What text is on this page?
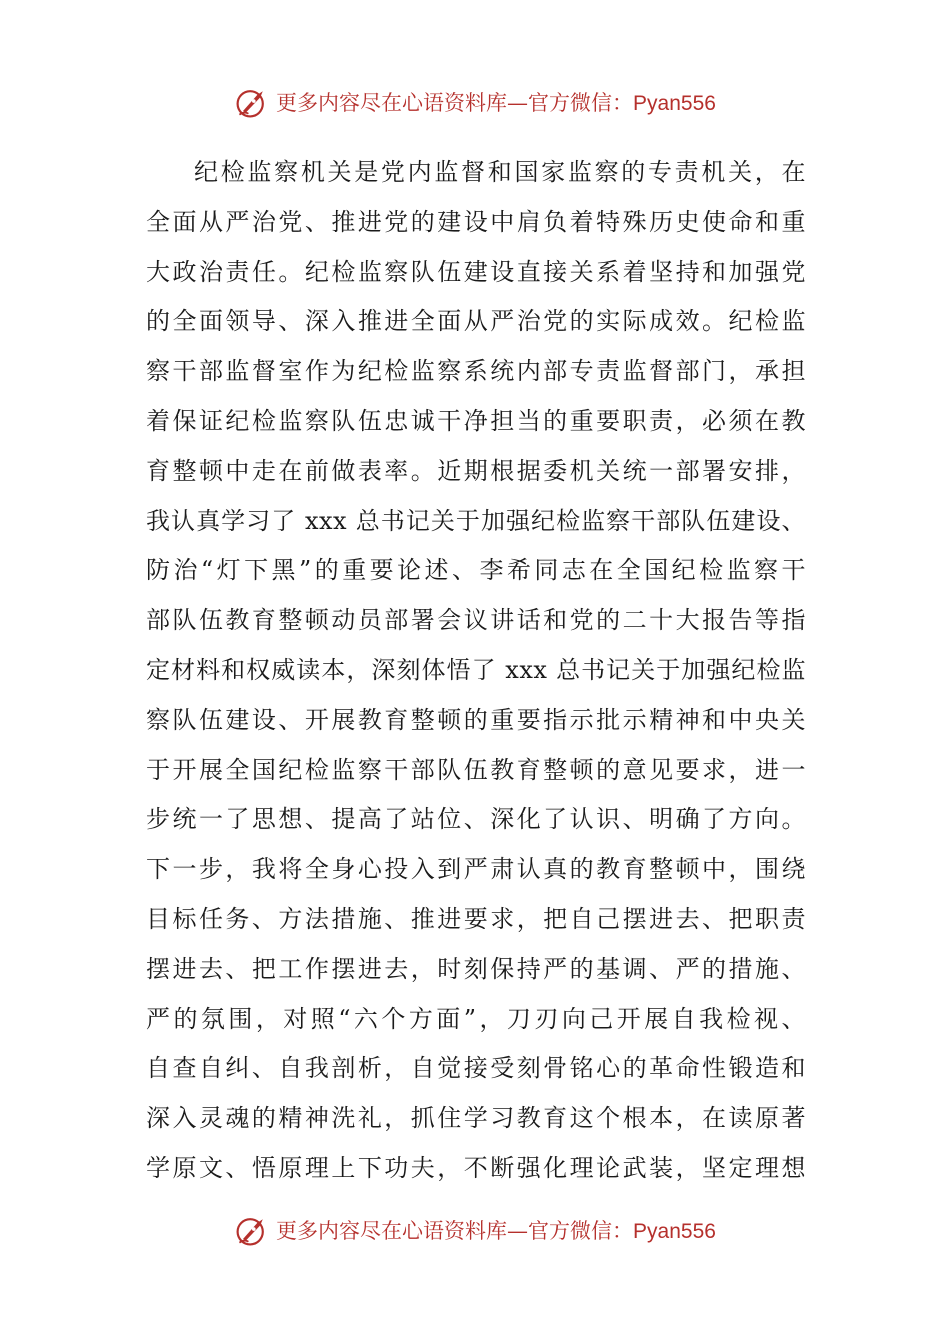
更多内容尽在心语资料库—官方微信：Pyan556
纪检监察机关是党内监督和国家监察的专责机关，在
全面从严治党、推进党的建设中肩负着特殊历史使命和重
大政治责任。纪检监察队伍建设直接关系着坚持和加强党
的全面领导、深入推进全面从严治党的实际成效。纪检监
察干部监督室作为纪检监察系统内部专责监督部门，承担
着保证纪检监察队伍忠诚干净担当的重要职责，必须在教
育整顿中走在前做表率。近期根据委机关统一部署安排，
我认真学习了 xxx 总书记关于加强纪检监察干部队伍建设、
防治“灯下黑”的重要论述、李希同志在全国纪检监察干
部队伍教育整顿动员部署会议讲话和党的二十大报告等指
定材料和权威读本，深刻体悟了 xxx 总书记关于加强纪检监
察队伍建设、开展教育整顿的重要指示批示精神和中央关
于开展全国纪检监察干部队伍教育整顿的意见要求，进一
步统一了思想、提高了站位、深化了认识、明确了方向。
下一步，我将全身心投入到严肃认真的教育整顿中，围绕
目标任务、方法措施、推进要求，把自己摆进去、把职责
摆进去、把工作摆进去，时刻保持严的基调、严的措施、
严的氛围，对照“六个方面”，刀刃向己开展自我检视、
自查自纠、自我剖析，自觉接受刻骨铭心的革命性锻造和
深入灵魂的精神洗礼，抓住学习教育这个根本，在读原著
学原文、悟原理上下功夫，不断强化理论武装，坚定理想
更多内容尽在心语资料库—官方微信：Pyan556
